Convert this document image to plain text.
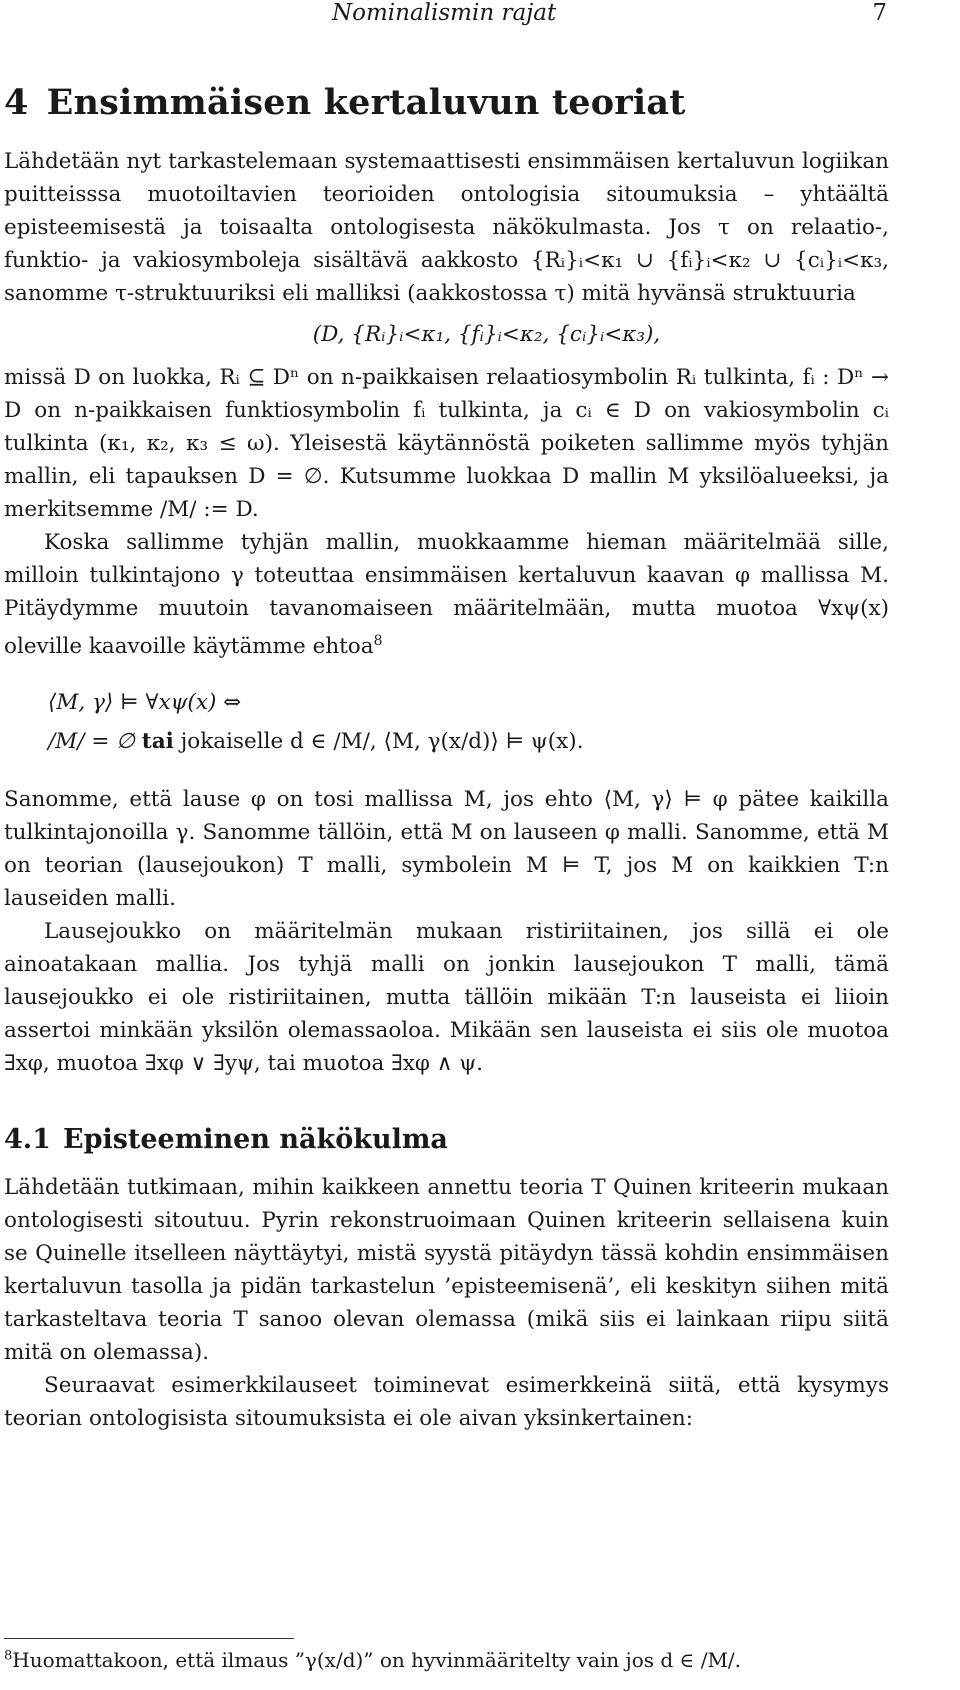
Nominalismin rajat	7
4 Ensimmäisen kertaluvun teoriat

Lähdetään nyt tarkastelemaan systemaattisesti ensimmäisen kertaluvun logiikan puitteisssa muotoiltavien teorioiden ontologisia sitoumuksia – yhtäältä episteemisestä ja toisaalta ontologisesta näkökulmasta. Jos τ on relaatio-, funktio- ja vakiosymboleja sisältävä aakkosto {Rᵢ}ᵢ<κ₁ ∪ {fᵢ}ᵢ<κ₂ ∪ {cᵢ}ᵢ<κ₃, sanomme τ-struktuuriksi eli malliksi (aakkostossa τ) mitä hyvänsä struktuuria

(D, {Rᵢ}ᵢ<κ₁, {fᵢ}ᵢ<κ₂, {cᵢ}ᵢ<κ₃),

missä D on luokka, Rᵢ ⊆ Dⁿ on n-paikkaisen relaatiosymbolin Rᵢ tulkinta, fᵢ : Dⁿ → D on n-paikkaisen funktiosymbolin fᵢ tulkinta, ja cᵢ ∈ D on vakiosymbolin cᵢ tulkinta (κ₁, κ₂, κ₃ ≤ ω). Yleisestä käytännöstä poiketen sallimme myös tyhjän mallin, eli tapauksen D = ∅. Kutsumme luokkaa D mallin M yksilöalueeksi, ja merkitsemme /M/ := D.

Koska sallimme tyhjän mallin, muokkaamme hieman määritelmää sille, milloin tulkintajono γ toteuttaa ensimmäisen kertaluvun kaavan φ mallissa M. Pitäydymme muutoin tavanomaiseen määritelmään, mutta muotoa ∀xψ(x) oleville kaavoille käytämme ehtoa$^8$

⟨M, γ⟩ ⊨ ∀xψ(x) ⇔
/M/ = ∅ tai jokaiselle d ∈ /M/, ⟨M, γ(x/d)⟩ ⊨ ψ(x).

Sanomme, että lause φ on tosi mallissa M, jos ehto ⟨M, γ⟩ ⊨ φ pätee kaikilla tulkintajonoilla γ. Sanomme tällöin, että M on lauseen φ malli. Sanomme, että M on teorian (lausejoukon) T malli, symbolein M ⊨ T, jos M on kaikkien T:n lauseiden malli.

Lausejoukko on määritelmän mukaan ristiriitainen, jos sillä ei ole ainoatakaan mallia. Jos tyhjä malli on jonkin lausejoukon T malli, tämä lausejoukko ei ole ristiriitainen, mutta tällöin mikään T:n lauseista ei liioin assertoi minkään yksilön olemassaoloa. Mikään sen lauseista ei siis ole muotoa ∃xφ, muotoa ∃xφ ∨ ∃yψ, tai muotoa ∃xφ ∧ ψ.

4.1 Episteeminen näkökulma

Lähdetään tutkimaan, mihin kaikkeen annettu teoria T Quinen kriteerin mukaan ontologisesti sitoutuu. Pyrin rekonstruoimaan Quinen kriteerin sellaisena kuin se Quinelle itselleen näyttäytyi, mistä syystä pitäydyn tässä kohdin ensimmäisen kertaluvun tasolla ja pidän tarkastelun ’episteemisenä’, eli keskityn siihen mitä tarkasteltava teoria T sanoo olevan olemassa (mikä siis ei lainkaan riipu siitä mitä on olemassa).

Seuraavat esimerkkilauseet toiminevat esimerkkeinä siitä, että kysymys teorian ontologisista sitoumuksista ei ole aivan yksinkertainen:

$^8$Huomattakoon, että ilmaus ”γ(x/d)” on hyvinmääritelty vain jos d ∈ /M/.
